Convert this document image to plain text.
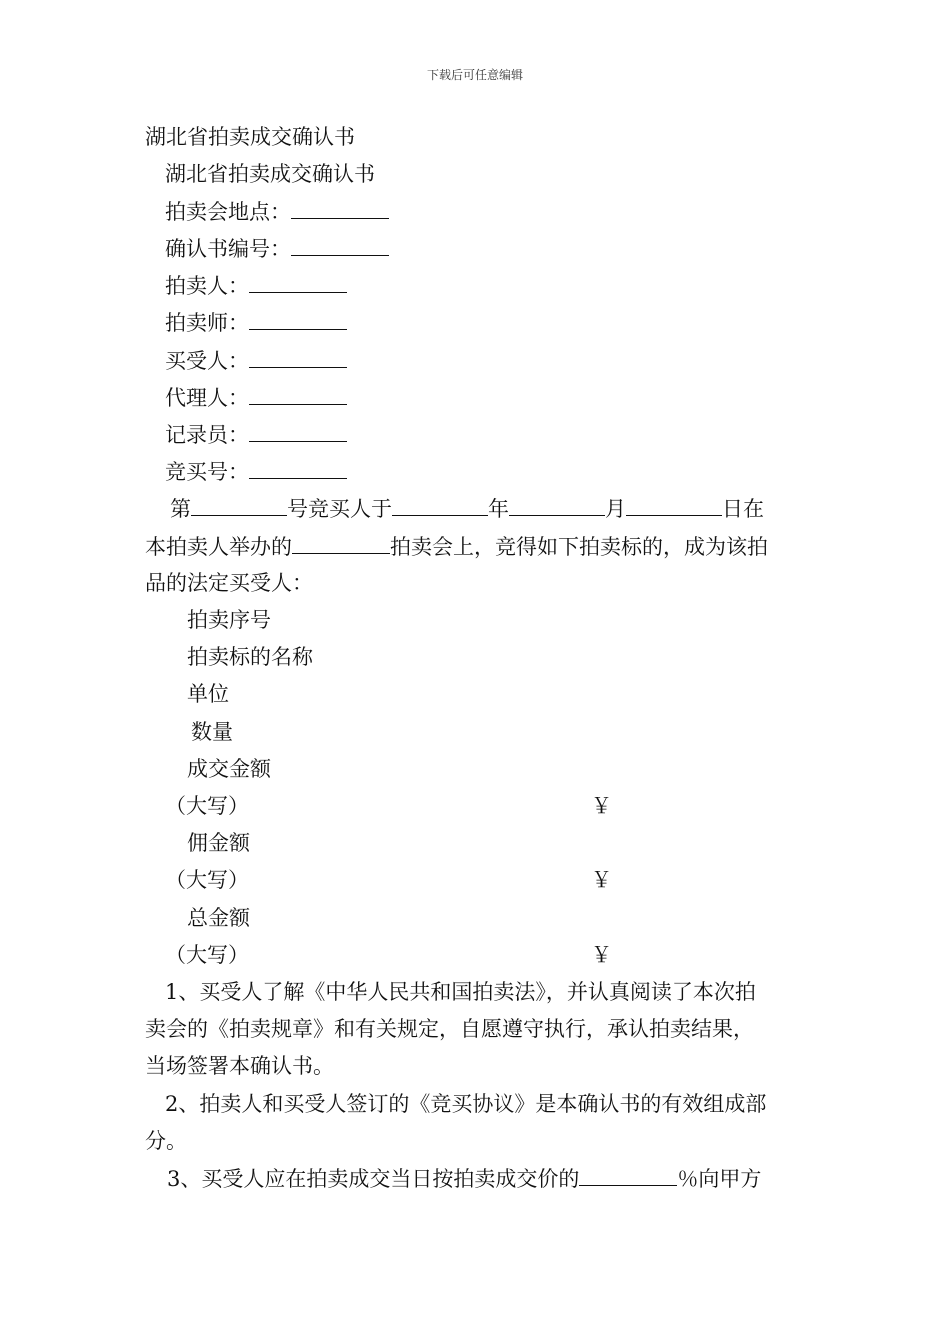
下载后可任意编辑
湖北省拍卖成交确认书
湖北省拍卖成交确认书
拍卖会地点：
确认书编号：
拍卖人：
拍卖师：
买受人：
代理人：
记录员：
竞买号：
第	号竞买人于	年	月	日在
本拍卖人举办的	拍卖会上，竞得如下拍卖标的，成为该拍
品的法定买受人：
拍卖序号
拍卖标的名称
单位
数量
成交金额
（大写）	￥
佣金额
（大写）	￥
总金额
（大写）	￥
1、买受人了解《中华人民共和国拍卖法》，并认真阅读了本次拍
卖会的《拍卖规章》和有关规定，自愿遵守执行，承认拍卖结果，
当场签署本确认书。
2、拍卖人和买受人签订的《竞买协议》是本确认书的有效组成部
分。
3、买受人应在拍卖成交当日按拍卖成交价的	％向甲方
